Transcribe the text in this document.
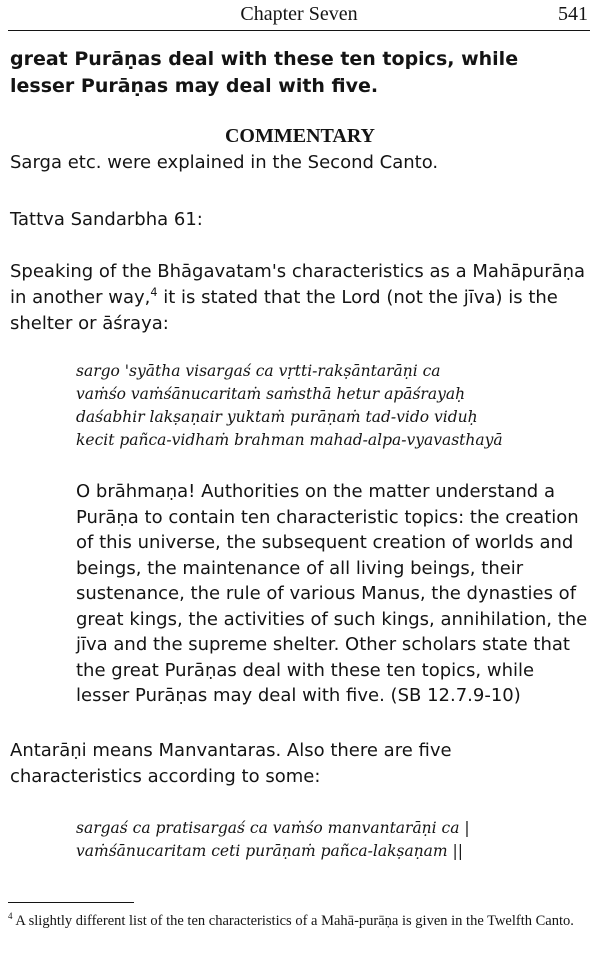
Chapter Seven	541
great Purāṇas deal with these ten topics, while lesser Purāṇas may deal with five.
COMMENTARY
Sarga etc. were explained in the Second Canto.
Tattva Sandarbha 61:
Speaking of the Bhāgavatam's characteristics as a Mahāpurāṇa in another way,$^4$ it is stated that the Lord (not the jīva) is the shelter or āśraya:
sargo 'syātha visargaś ca vṛtti-rakṣāntarāṇi ca
vaṁśo vaṁśānucaritaṁ saṁsthā hetur apāśrayaḥ
daśabhir lakṣaṇair yuktaṁ purāṇaṁ tad-vido viduḥ
kecit pañca-vidhaṁ brahman mahad-alpa-vyavasthayā
O brāhmaṇa! Authorities on the matter understand a Purāṇa to contain ten characteristic topics: the creation of this universe, the subsequent creation of worlds and beings, the maintenance of all living beings, their sustenance, the rule of various Manus, the dynasties of great kings, the activities of such kings, annihilation, the jīva and the supreme shelter. Other scholars state that the great Purāṇas deal with these ten topics, while lesser Purāṇas may deal with five. (SB 12.7.9-10)
Antarāṇi means Manvantaras. Also there are five characteristics according to some:
sargaś ca pratisargaś ca vaṁśo manvantarāṇi ca |
vaṁśānucaritam ceti purāṇaṁ pañca-lakṣaṇam ||
$^4$ A slightly different list of the ten characteristics of a Mahā-purāṇa is given in the Twelfth Canto.
